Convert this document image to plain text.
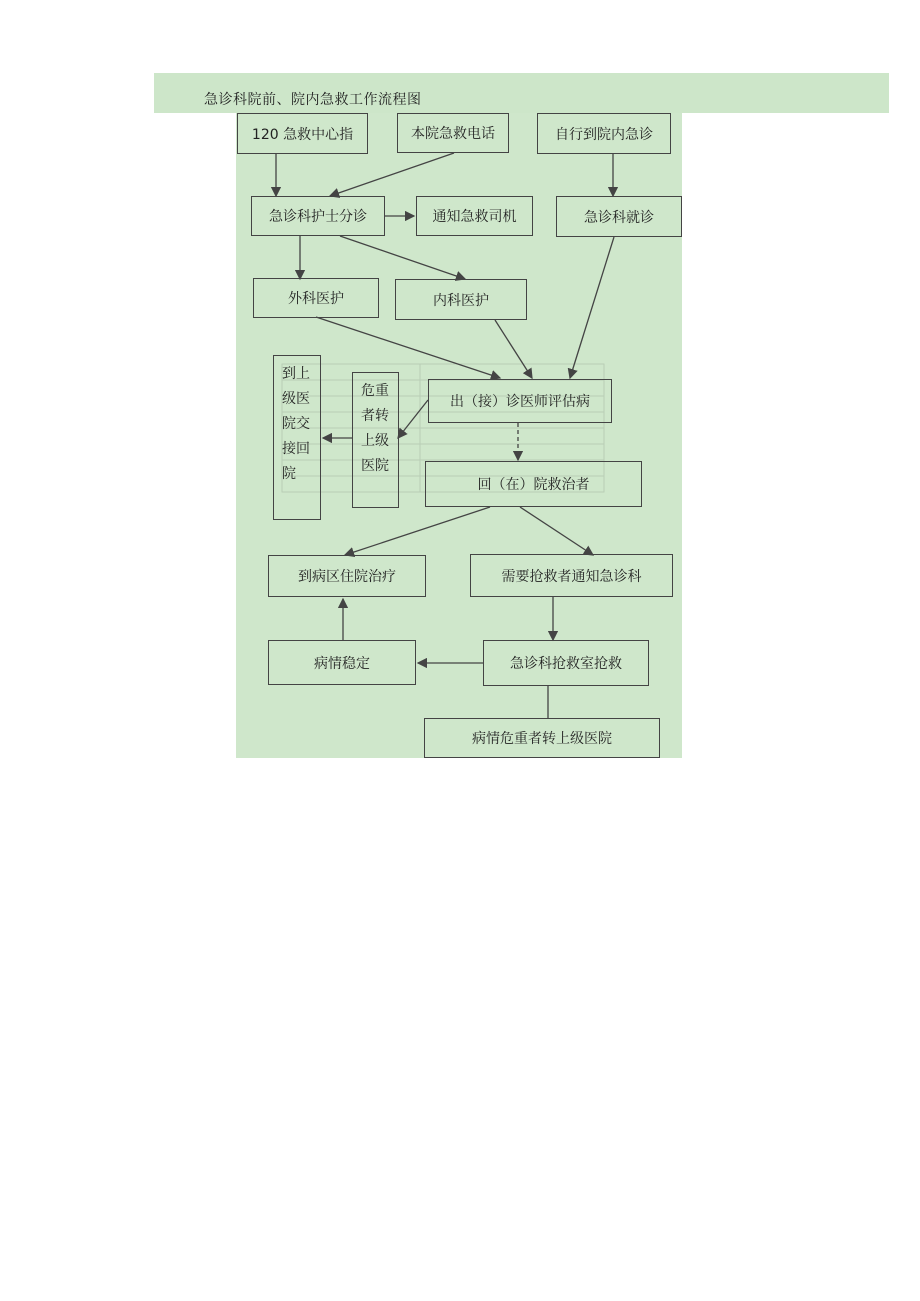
急诊科院前、院内急救工作流程图
120 急救中心指	本院急救电话	自行到院内急诊
急诊科护士分诊	通知急救司机	急诊科就诊
外科医护	内科医护
到上级医院交接回院
危重者转上级医院
出（接）诊医师评估病
回（在）院救治者
到病区住院治疗	需要抢救者通知急诊科
病情稳定	急诊科抢救室抢救
病情危重者转上级医院
